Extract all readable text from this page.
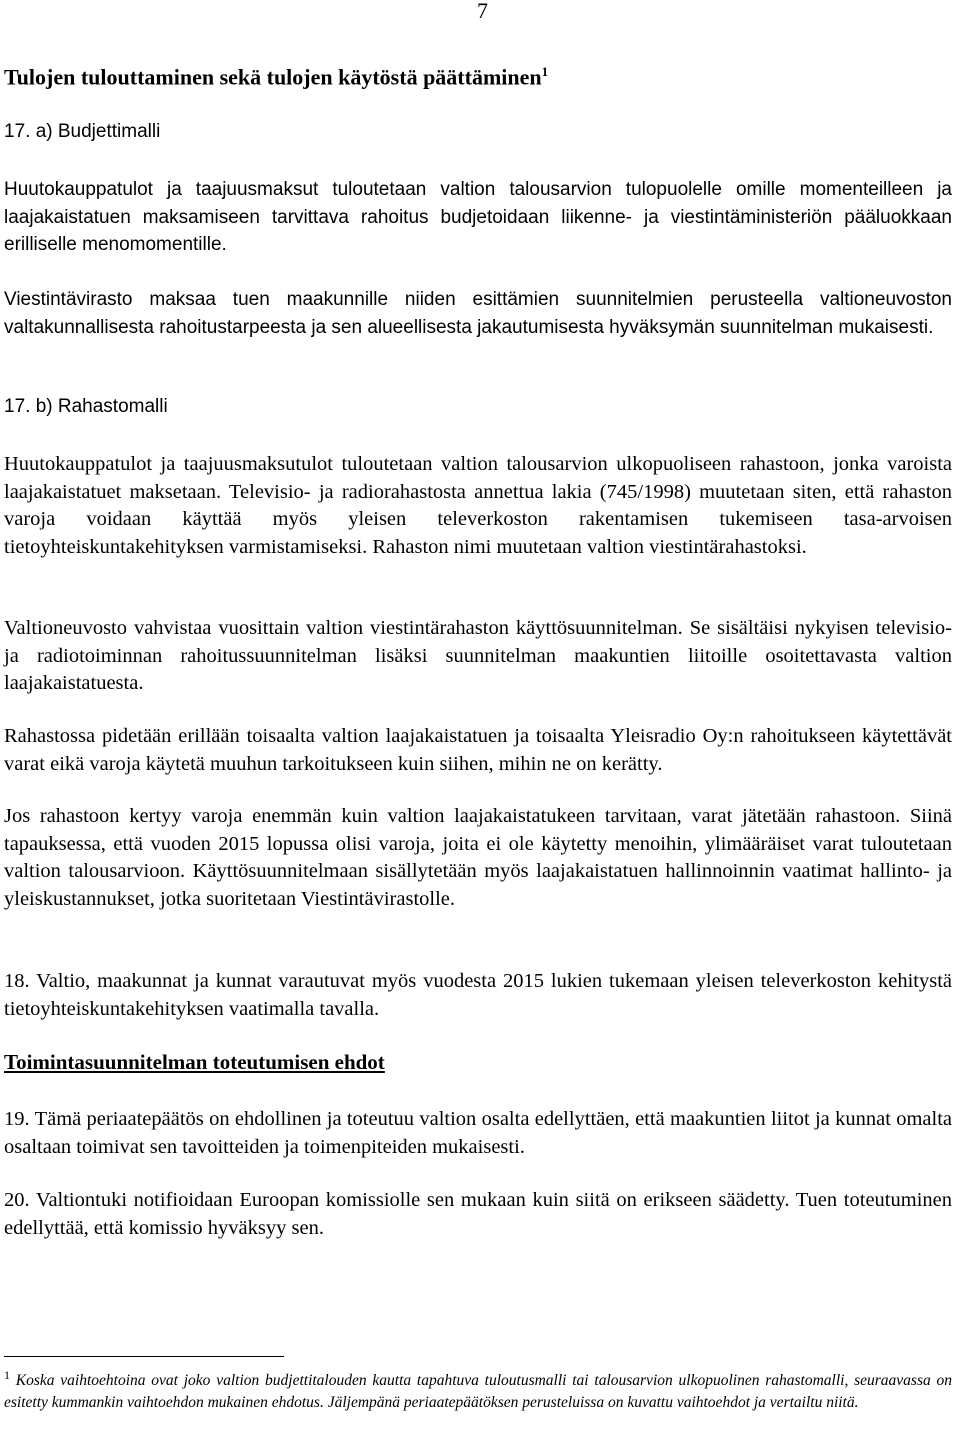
7

Tulojen tulouttaminen sekä tulojen käytöstä päättäminen$^1$

17. a) Budjettimalli

Huutokauppatulot ja taajuusmaksut tuloutetaan valtion talousarvion tulopuolelle omille momenteilleen ja laajakaistatuen maksamiseen tarvittava rahoitus budjetoidaan liikenne- ja viestintäministeriön pääluokkaan erilliselle menomomentille.

Viestintävirasto maksaa tuen maakunnille niiden esittämien suunnitelmien perusteella valtioneuvoston valtakunnallisesta rahoitustarpeesta ja sen alueellisesta jakautumisesta hyväksymän suunnitelman mukaisesti.

17. b) Rahastomalli

Huutokauppatulot ja taajuusmaksutulot tuloutetaan valtion talousarvion ulkopuoliseen rahastoon, jonka varoista laajakaistatuet maksetaan. Televisio- ja radiorahastosta annettua lakia (745/1998) muutetaan siten, että rahaston varoja voidaan käyttää myös yleisen televerkoston rakentamisen tukemiseen tasa-arvoisen tietoyhteiskuntakehityksen varmistamiseksi. Rahaston nimi muutetaan valtion viestintärahastoksi.

Valtioneuvosto vahvistaa vuosittain valtion viestintärahaston käyttösuunnitelman. Se sisältäisi nykyisen televisio- ja radiotoiminnan rahoitussuunnitelman lisäksi suunnitelman maakuntien liitoille osoitettavasta valtion laajakaistatuesta.

Rahastossa pidetään erillään toisaalta valtion laajakaistatuen ja toisaalta Yleisradio Oy:n rahoitukseen käytettävät varat eikä varoja käytetä muuhun tarkoitukseen kuin siihen, mihin ne on kerätty.

Jos rahastoon kertyy varoja enemmän kuin valtion laajakaistatukeen tarvitaan, varat jätetään rahastoon. Siinä tapauksessa, että vuoden 2015 lopussa olisi varoja, joita ei ole käytetty menoihin, ylimääräiset varat tuloutetaan valtion talousarvioon. Käyttösuunnitelmaan sisällytetään myös laajakaistatuen hallinnoinnin vaatimat hallinto- ja yleiskustannukset, jotka suoritetaan Viestintävirastolle.

18. Valtio, maakunnat ja kunnat varautuvat myös vuodesta 2015 lukien tukemaan yleisen televerkoston kehitystä tietoyhteiskuntakehityksen vaatimalla tavalla.

Toimintasuunnitelman toteutumisen ehdot

19. Tämä periaatepäätös on ehdollinen ja toteutuu valtion osalta edellyttäen, että maakuntien liitot ja kunnat omalta osaltaan toimivat sen tavoitteiden ja toimenpiteiden mukaisesti.

20. Valtiontuki notifioidaan Euroopan komissiolle sen mukaan kuin siitä on erikseen säädetty. Tuen toteutuminen edellyttää, että komissio hyväksyy sen.

$^1$ Koska vaihtoehtoina ovat joko valtion budjettitalouden kautta tapahtuva tuloutusmalli tai talousarvion ulkopuolinen rahastomalli, seuraavassa on esitetty kummankin vaihtoehdon mukainen ehdotus. Jäljempänä periaatepäätöksen perusteluissa on kuvattu vaihtoehdot ja vertailtu niitä.
